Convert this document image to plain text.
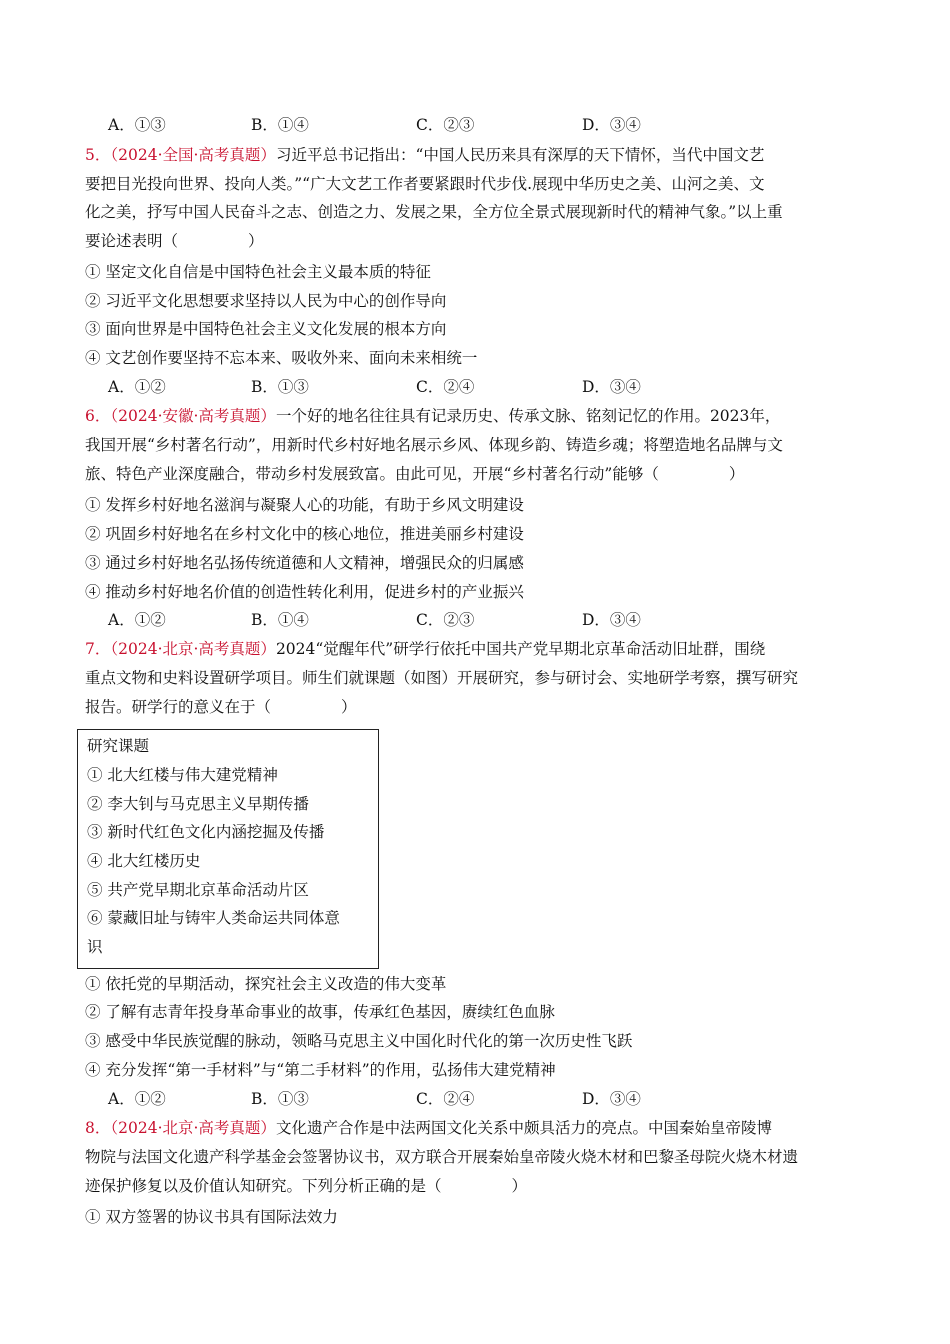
A．①③	B．①④	C．②③	D．③④
5．（2024·全国·高考真题）习近平总书记指出：“中国人民历来具有深厚的天下情怀，当代中国文艺
要把目光投向世界、投向人类。”“广大文艺工作者要紧跟时代步伐.展现中华历史之美、山河之美、文
化之美，抒写中国人民奋斗之志、创造之力、发展之果，全方位全景式展现新时代的精神气象。”以上重
要论述表明（	）
① 坚定文化自信是中国特色社会主义最本质的特征
② 习近平文化思想要求坚持以人民为中心的创作导向
③ 面向世界是中国特色社会主义文化发展的根本方向
④ 文艺创作要坚持不忘本来、吸收外来、面向未来相统一
A．①②	B．①③	C．②④	D．③④
6．（2024·安徽·高考真题）一个好的地名往往具有记录历史、传承文脉、铭刻记忆的作用。2023年，
我国开展“乡村著名行动”，用新时代乡村好地名展示乡风、体现乡韵、铸造乡魂；将塑造地名品牌与文
旅、特色产业深度融合，带动乡村发展致富。由此可见，开展“乡村著名行动”能够（	）
① 发挥乡村好地名滋润与凝聚人心的功能，有助于乡风文明建设
② 巩固乡村好地名在乡村文化中的核心地位，推进美丽乡村建设
③ 通过乡村好地名弘扬传统道德和人文精神，增强民众的归属感
④ 推动乡村好地名价值的创造性转化利用，促进乡村的产业振兴
A．①②	B．①④	C．②③	D．③④
7．（2024·北京·高考真题）2024“觉醒年代”研学行依托中国共产党早期北京革命活动旧址群，围绕
重点文物和史料设置研学项目。师生们就课题（如图）开展研究，参与研讨会、实地研学考察，撰写研究
报告。研学行的意义在于（	）
研究课题
① 北大红楼与伟大建党精神
② 李大钊与马克思主义早期传播
③ 新时代红色文化内涵挖掘及传播
④ 北大红楼历史
⑤ 共产党早期北京革命活动片区
⑥ 蒙藏旧址与铸牢人类命运共同体意
识
① 依托党的早期活动，探究社会主义改造的伟大变革
② 了解有志青年投身革命事业的故事，传承红色基因，赓续红色血脉
③ 感受中华民族觉醒的脉动，领略马克思主义中国化时代化的第一次历史性飞跃
④ 充分发挥“第一手材料”与“第二手材料”的作用，弘扬伟大建党精神
A．①②	B．①③	C．②④	D．③④
8．（2024·北京·高考真题）文化遗产合作是中法两国文化关系中颇具活力的亮点。中国秦始皇帝陵博
物院与法国文化遗产科学基金会签署协议书，双方联合开展秦始皇帝陵火烧木材和巴黎圣母院火烧木材遗
迹保护修复以及价值认知研究。下列分析正确的是（	）
① 双方签署的协议书具有国际法效力
